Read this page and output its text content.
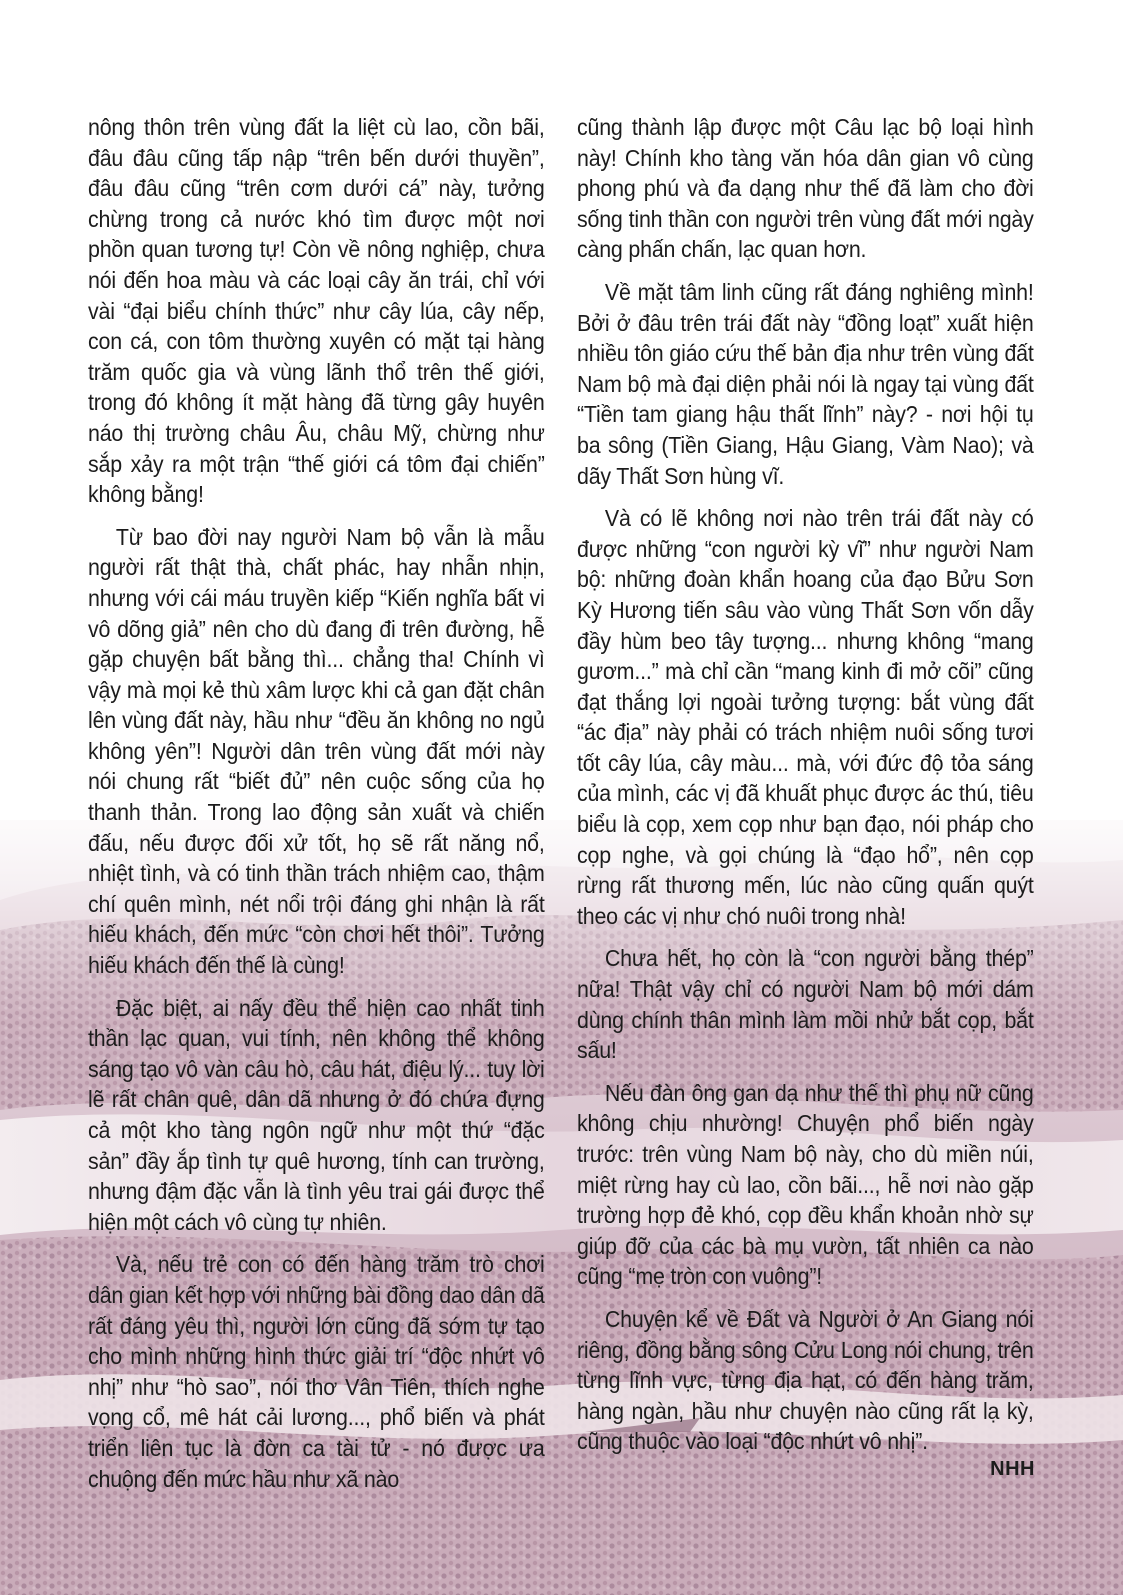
nông thôn trên vùng đất la liệt cù lao, cồn bãi, đâu đâu cũng tấp nập “trên bến dưới thuyền”, đâu đâu cũng “trên cơm dưới cá” này, tưởng chừng trong cả nước khó tìm được một nơi phồn quan tương tự! Còn về nông nghiệp, chưa nói đến hoa màu và các loại cây ăn trái, chỉ với vài “đại biểu chính thức” như cây lúa, cây nếp, con cá, con tôm thường xuyên có mặt tại hàng trăm quốc gia và vùng lãnh thổ trên thế giới, trong đó không ít mặt hàng đã từng gây huyên náo thị trường châu Âu, châu Mỹ, chừng như sắp xảy ra một trận “thế giới cá tôm đại chiến” không bằng!

Từ bao đời nay người Nam bộ vẫn là mẫu người rất thật thà, chất phác, hay nhẫn nhịn, nhưng với cái máu truyền kiếp “Kiến nghĩa bất vi vô dõng giả” nên cho dù đang đi trên đường, hễ gặp chuyện bất bằng thì... chẳng tha! Chính vì vậy mà mọi kẻ thù xâm lược khi cả gan đặt chân lên vùng đất này, hầu như “đều ăn không no ngủ không yên”! Người dân trên vùng đất mới này nói chung rất “biết đủ” nên cuộc sống của họ thanh thản. Trong lao động sản xuất và chiến đấu, nếu được đối xử tốt, họ sẽ rất năng nổ, nhiệt tình, và có tinh thần trách nhiệm cao, thậm chí quên mình, nét nổi trội đáng ghi nhận là rất hiếu khách, đến mức “còn chơi hết thôi”. Tưởng hiếu khách đến thế là cùng!

Đặc biệt, ai nấy đều thể hiện cao nhất tinh thần lạc quan, vui tính, nên không thể không sáng tạo vô vàn câu hò, câu hát, điệu lý... tuy lời lẽ rất chân quê, dân dã nhưng ở đó chứa đựng cả một kho tàng ngôn ngữ như một thứ “đặc sản” đầy ắp tình tự quê hương, tính can trường, nhưng đậm đặc vẫn là tình yêu trai gái được thể hiện một cách vô cùng tự nhiên.

Và, nếu trẻ con có đến hàng trăm trò chơi dân gian kết hợp với những bài đồng dao dân dã rất đáng yêu thì, người lớn cũng đã sớm tự tạo cho mình những hình thức giải trí “độc nhứt vô nhị” như “hò sao”, nói thơ Vân Tiên, thích nghe vọng cổ, mê hát cải lương..., phổ biến và phát triển liên tục là đờn ca tài tử - nó được ưa chuộng đến mức hầu như xã nào

cũng thành lập được một Câu lạc bộ loại hình này! Chính kho tàng văn hóa dân gian vô cùng phong phú và đa dạng như thế đã làm cho đời sống tinh thần con người trên vùng đất mới ngày càng phấn chấn, lạc quan hơn.

Về mặt tâm linh cũng rất đáng nghiêng mình! Bởi ở đâu trên trái đất này “đồng loạt” xuất hiện nhiều tôn giáo cứu thế bản địa như trên vùng đất Nam bộ mà đại diện phải nói là ngay tại vùng đất “Tiền tam giang hậu thất lĩnh” này? - nơi hội tụ ba sông (Tiền Giang, Hậu Giang, Vàm Nao); và dãy Thất Sơn hùng vĩ.

Và có lẽ không nơi nào trên trái đất này có được những “con người kỳ vĩ” như người Nam bộ: những đoàn khẩn hoang của đạo Bửu Sơn Kỳ Hương tiến sâu vào vùng Thất Sơn vốn dẫy đầy hùm beo tây tượng... nhưng không “mang gươm...” mà chỉ cần “mang kinh đi mở cõi” cũng đạt thắng lợi ngoài tưởng tượng: bắt vùng đất “ác địa” này phải có trách nhiệm nuôi sống tươi tốt cây lúa, cây màu... mà, với đức độ tỏa sáng của mình, các vị đã khuất phục được ác thú, tiêu biểu là cọp, xem cọp như bạn đạo, nói pháp cho cọp nghe, và gọi chúng là “đạo hổ”, nên cọp rừng rất thương mến, lúc nào cũng quấn quýt theo các vị như chó nuôi trong nhà!

Chưa hết, họ còn là “con người bằng thép” nữa! Thật vậy chỉ có người Nam bộ mới dám dùng chính thân mình làm mồi nhử bắt cọp, bắt sấu!

Nếu đàn ông gan dạ như thế thì phụ nữ cũng không chịu nhường! Chuyện phổ biến ngày trước: trên vùng Nam bộ này, cho dù miền núi, miệt rừng hay cù lao, cồn bãi..., hễ nơi nào gặp trường hợp đẻ khó, cọp đều khẩn khoản nhờ sự giúp đỡ của các bà mụ vườn, tất nhiên ca nào cũng “mẹ tròn con vuông”!

Chuyện kể về Đất và Người ở An Giang nói riêng, đồng bằng sông Cửu Long nói chung, trên từng lĩnh vực, từng địa hạt, có đến hàng trăm, hàng ngàn, hầu như chuyện nào cũng rất lạ kỳ, cũng thuộc vào loại “độc nhứt vô nhị”.

NHH
